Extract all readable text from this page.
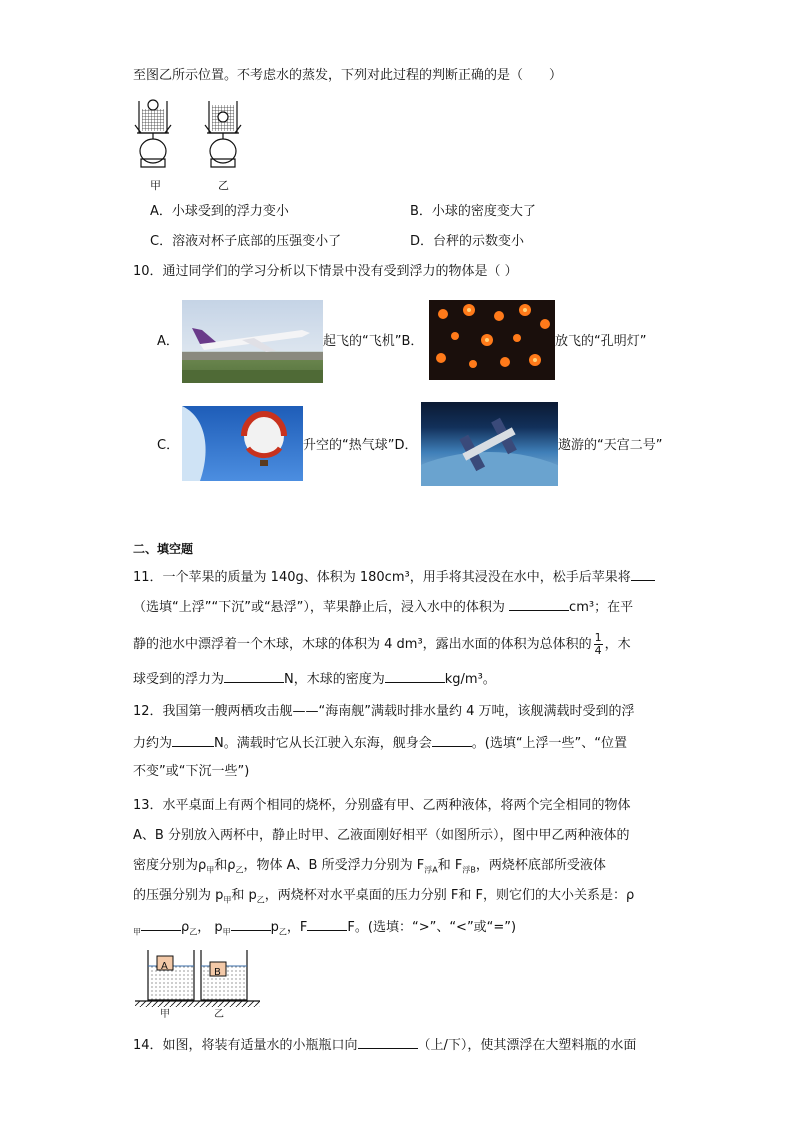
至图乙所示位置。不考虑水的蒸发，下列对此过程的判断正确的是（　　）
甲	乙
A．小球受到的浮力变小	B．小球的密度变大了
C．溶液对杯子底部的压强变小了	D．台秤的示数变小
10．通过同学们的学习分析以下情景中没有受到浮力的物体是（ ）
A．	起飞的“飞机”B．	放飞的“孔明灯”
C．	升空的“热气球”D．	遨游的“天宫二号”
二、填空题
11．一个苹果的质量为 140g、体积为 180cm³，用手将其浸没在水中，松手后苹果将
（选填“上浮”“下沉”或“悬浮”），苹果静止后，浸入水中的体积为	cm³；在平
静的池水中漂浮着一个木球，木球的体积为 4 dm³，露出水面的体积为总体积的 $\frac{1}{4}$ ，木
球受到的浮力为	N，木球的密度为	kg/m³。
12．我国第一艘两栖攻击舰——“海南舰”满载时排水量约 4 万吨，该舰满载时受到的浮
力约为	N。满载时它从长江驶入东海，舰身会	。(选填“上浮一些”、“位置
不变”或“下沉一些”)
13．水平桌面上有两个相同的烧杯，分别盛有甲、乙两种液体，将两个完全相同的物体
A、B 分别放入两杯中，静止时甲、乙液面刚好相平（如图所示），图中甲乙两种液体的
密度分别为$\rho_甲$和$\rho_乙$，物体 A、B 所受浮力分别为 $F_{浮A}$和 $F_{浮B}$，两烧杯底部所受液体
的压强分别为 $p_甲$和 $p_乙$，两烧杯对水平桌面的压力分别 F和 F，则它们的大小关系是：ρ
$_甲$	$\rho_乙$， $p_甲$	$p_乙$，F	F。(选填：“>”、“<”或“=”)
A
B
甲	乙
14．如图，将装有适量水的小瓶瓶口向	（上/下），使其漂浮在大塑料瓶的水面
